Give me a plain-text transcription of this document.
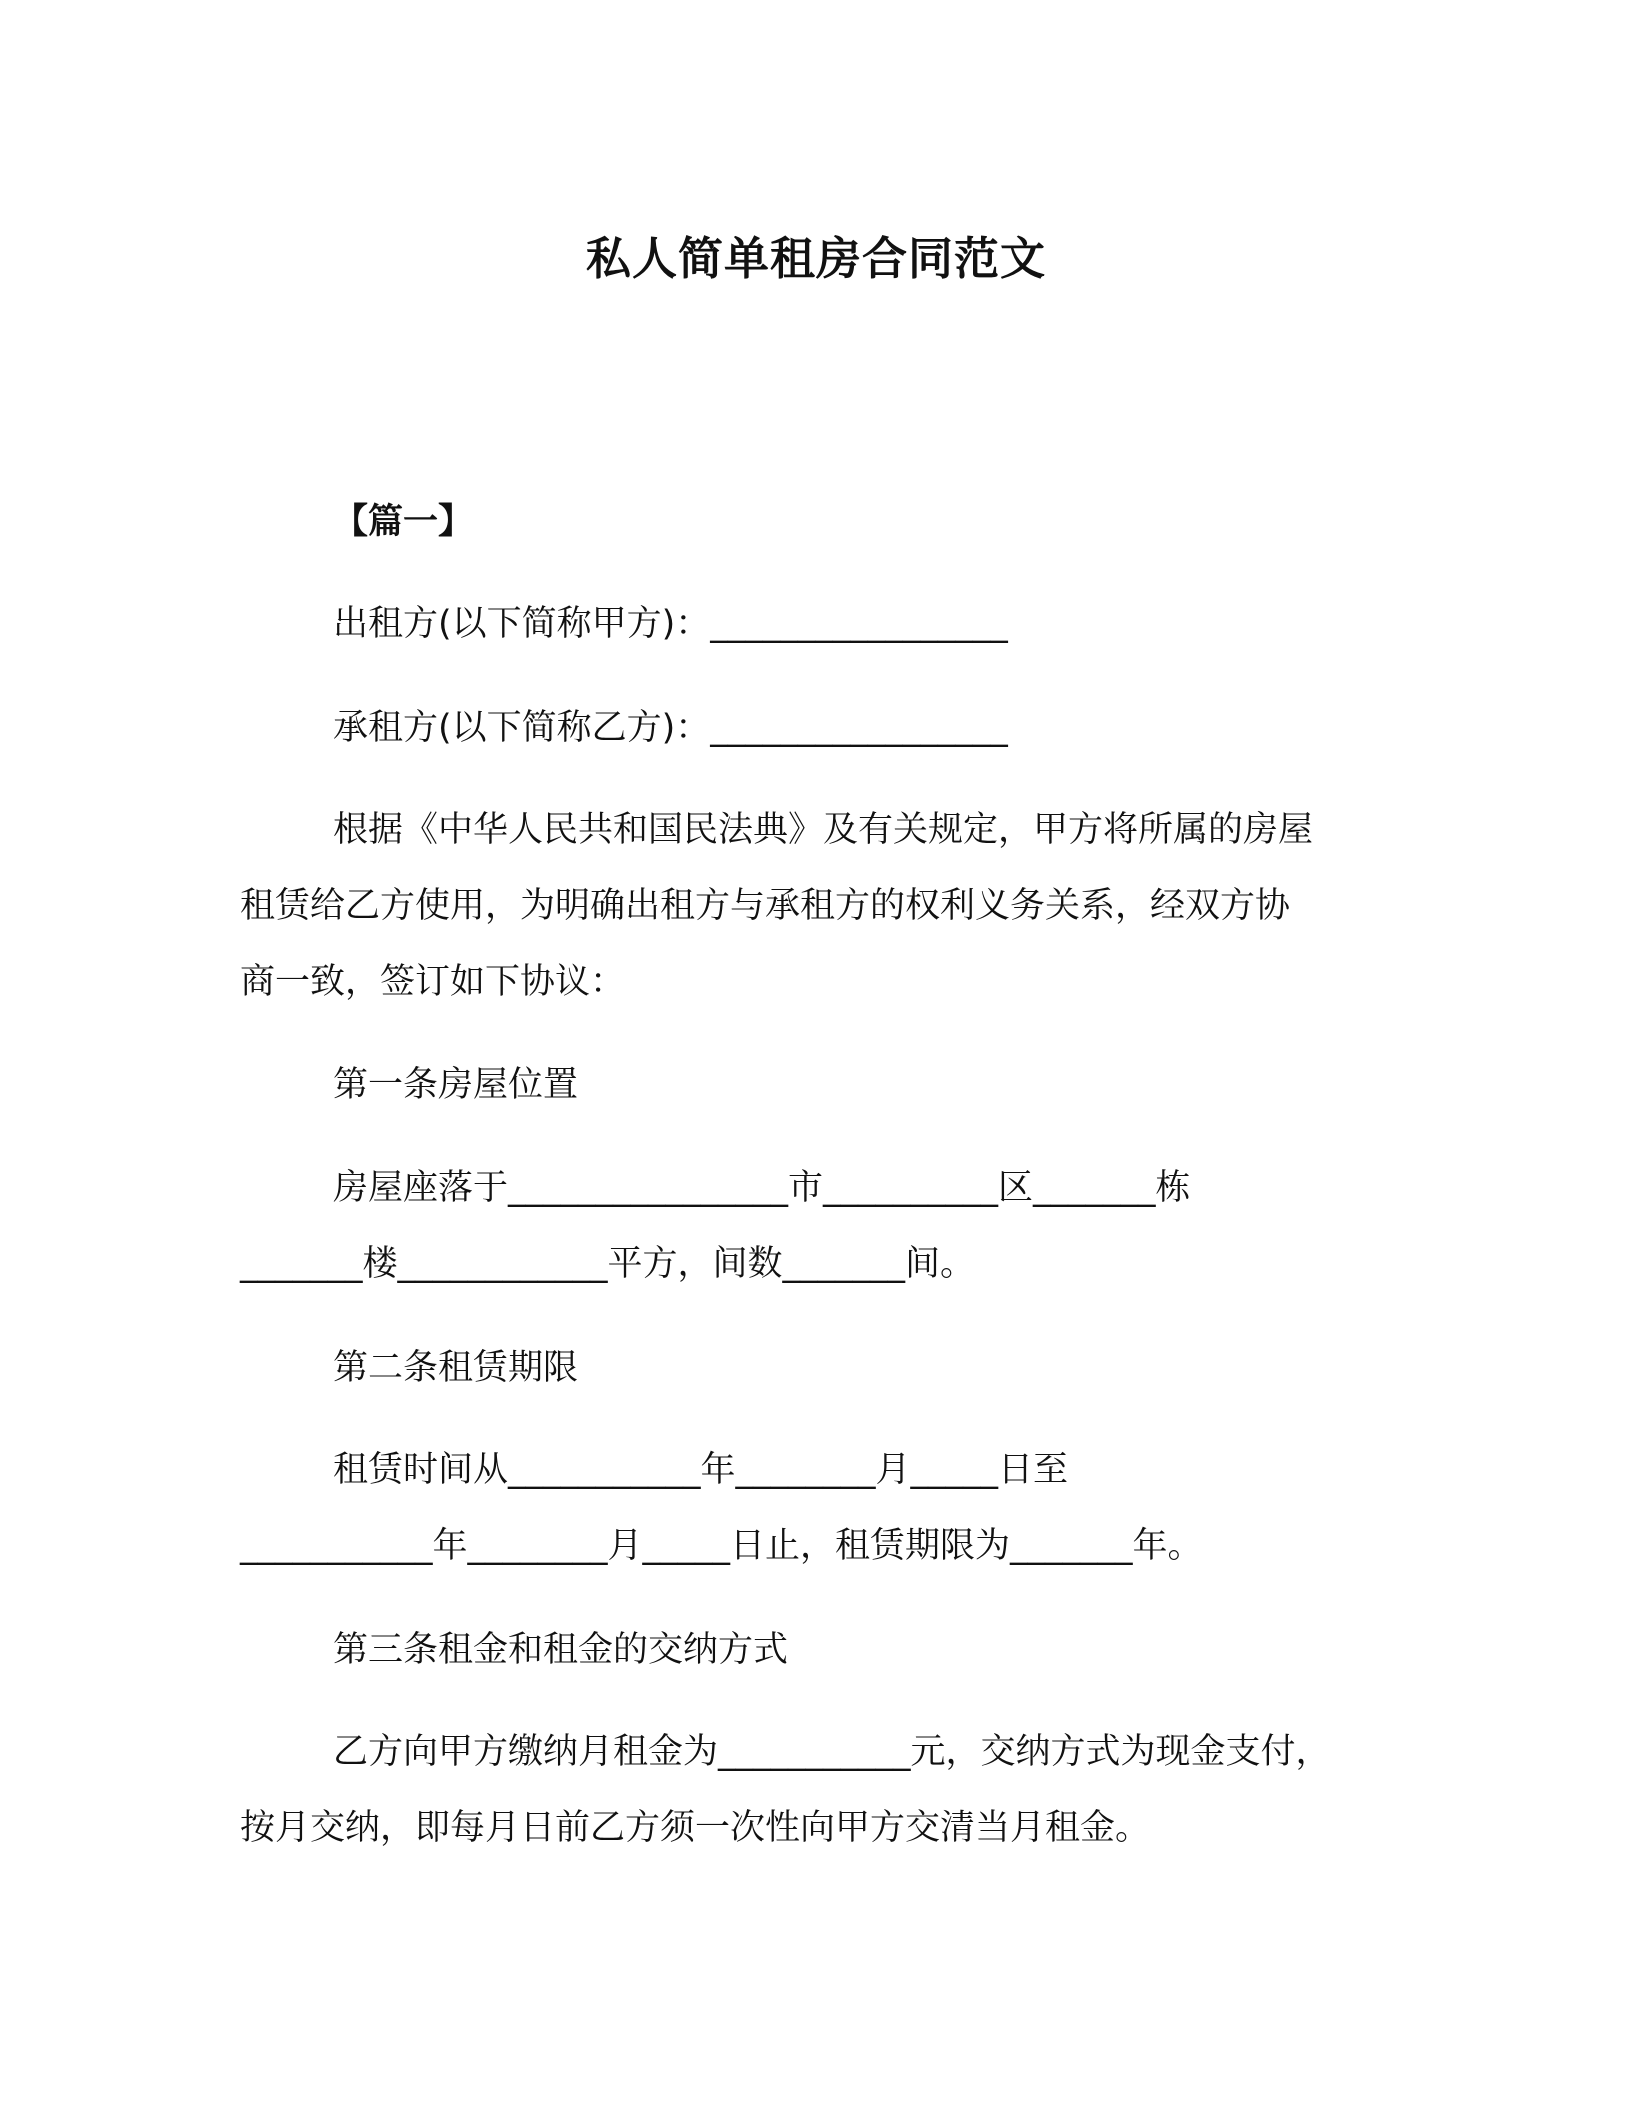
私人简单租房合同范文
【篇一】
出租方(以下简称甲方)：_________________
承租方(以下简称乙方)：_________________
根据《中华人民共和国民法典》及有关规定，甲方将所属的房屋
租赁给乙方使用，为明确出租方与承租方的权利义务关系，经双方协
商一致，签订如下协议：
第一条房屋位置
房屋座落于________________市__________区_______栋
_______楼____________平方，间数_______间。
第二条租赁期限
租赁时间从___________年________月_____日至
___________年________月_____日止，租赁期限为_______年。
第三条租金和租金的交纳方式
乙方向甲方缴纳月租金为___________元，交纳方式为现金支付，
按月交纳，即每月日前乙方须一次性向甲方交清当月租金。
